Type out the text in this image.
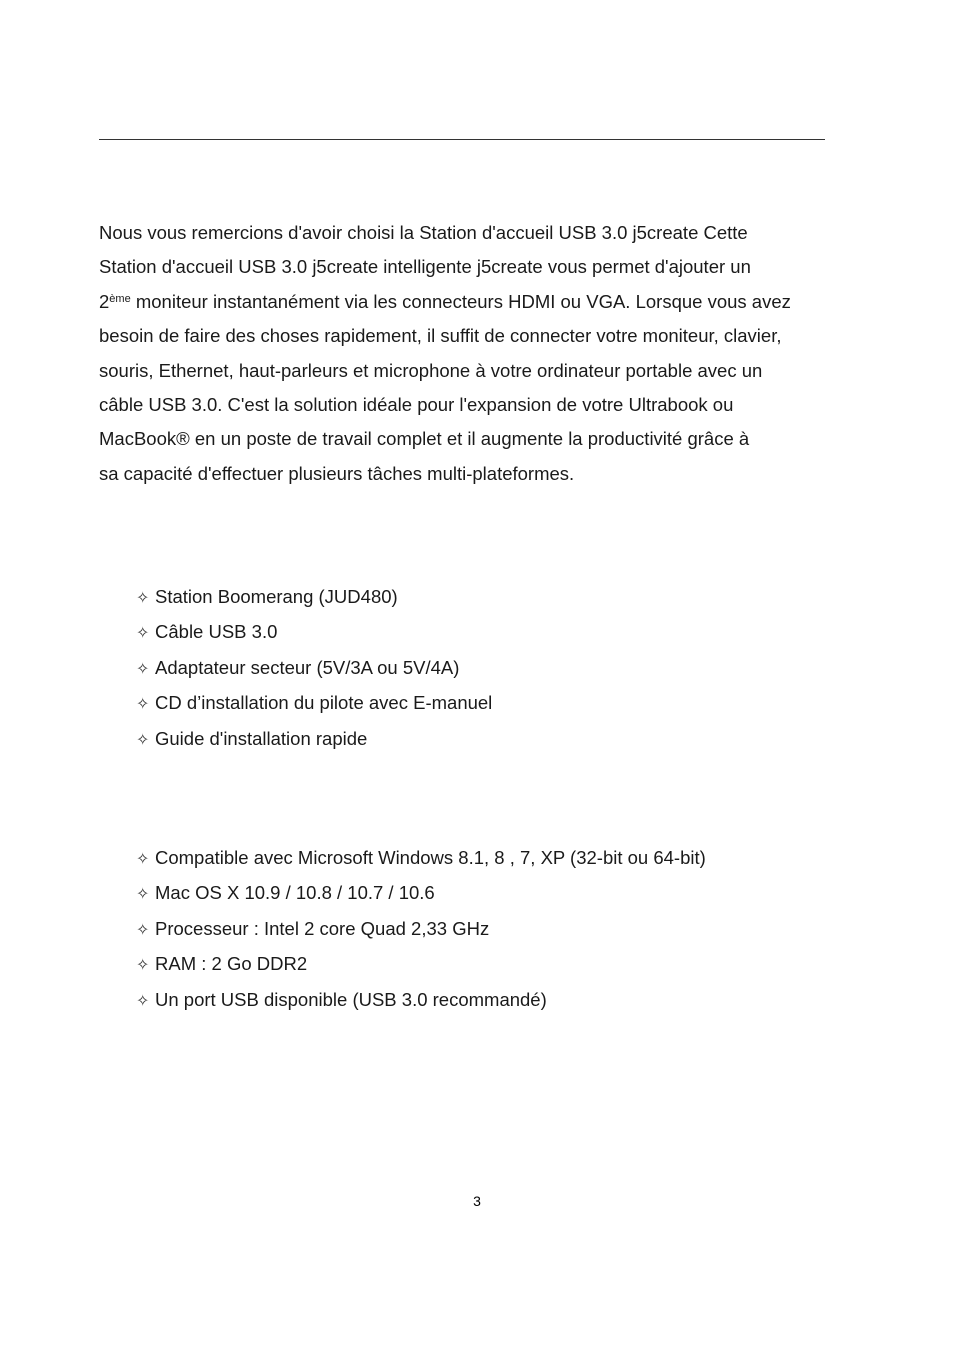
Nous vous remercions d'avoir choisi la Station d'accueil USB 3.0 j5create Cette
Station d'accueil USB 3.0 j5create intelligente j5create vous permet d'ajouter un
2ème moniteur instantanément via les connecteurs HDMI ou VGA. Lorsque vous avez
besoin de faire des choses rapidement, il suffit de connecter votre moniteur, clavier,
souris, Ethernet, haut-parleurs et microphone à votre ordinateur portable avec un
câble USB 3.0. C'est la solution idéale pour l'expansion de votre Ultrabook ou
MacBook® en un poste de travail complet et il augmente la productivité grâce à
sa capacité d'effectuer plusieurs tâches multi-plateformes.

✧ Station Boomerang (JUD480)
✧ Câble USB 3.0
✧ Adaptateur secteur (5V/3A ou 5V/4A)
✧ CD d’installation du pilote avec E-manuel
✧ Guide d'installation rapide
✧ Compatible avec Microsoft Windows 8.1, 8 , 7, XP (32-bit ou 64-bit)
✧ Mac OS X 10.9 / 10.8 / 10.7 / 10.6
✧ Processeur : Intel 2 core Quad 2,33 GHz
✧ RAM : 2 Go DDR2
✧ Un port USB disponible (USB 3.0 recommandé)
3
